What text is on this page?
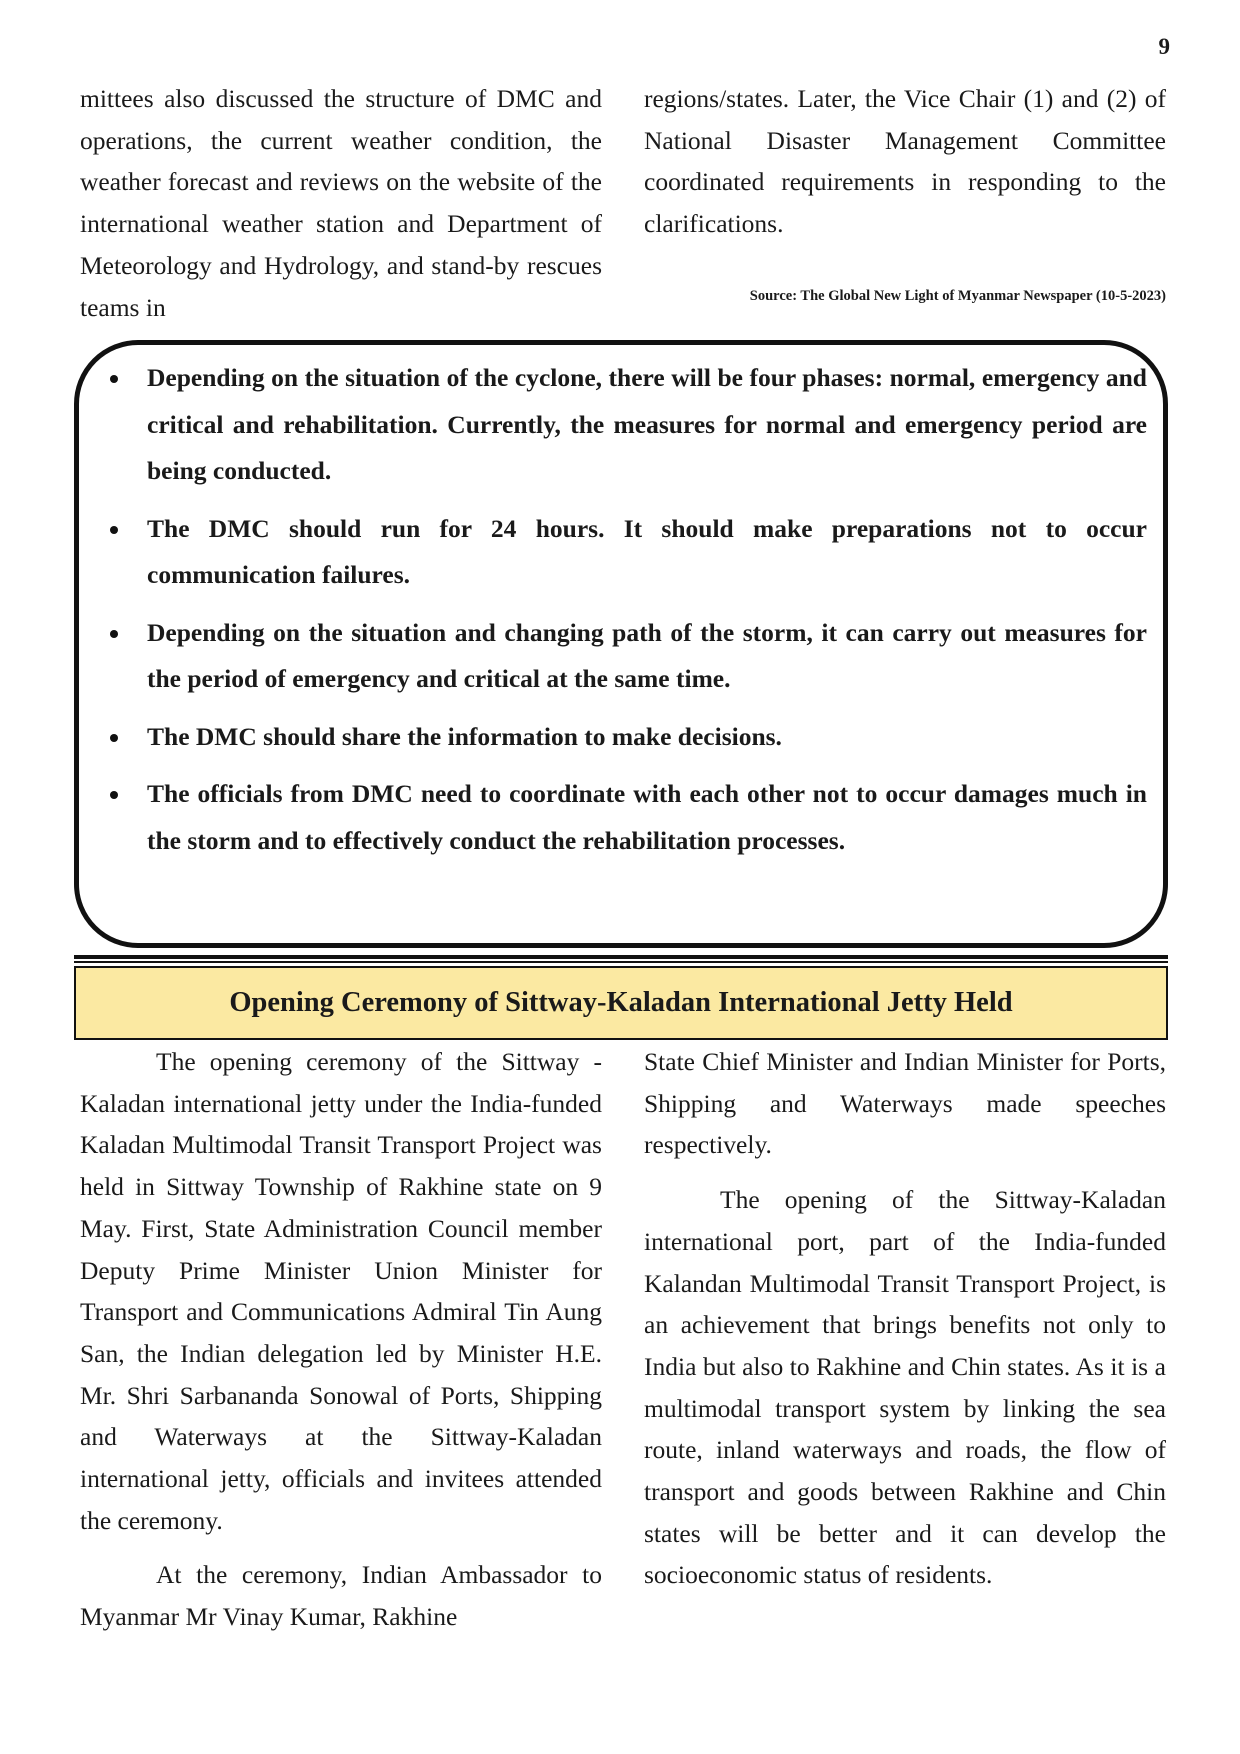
9

mittees also discussed the structure of DMC and operations, the current weather condition, the weather forecast and reviews on the website of the international weather station and Department of Meteorology and Hydrology, and stand-by rescues teams in

regions/states. Later, the Vice Chair (1) and (2) of National Disaster Management Committee coordinated requirements in responding to the clarifications.

Source: The Global New Light of Myanmar Newspaper (10-5-2023)
Depending on the situation of the cyclone, there will be four phases: normal, emergency and critical and rehabilitation. Currently, the measures for normal and emergency period are being conducted.
The DMC should run for 24 hours. It should make preparations not to occur communication failures.
Depending on the situation and changing path of the storm, it can carry out measures for the period of emergency and critical at the same time.
The DMC should share the information to make decisions.
The officials from DMC need to coordinate with each other not to occur damages much in the storm and to effectively conduct the rehabilitation processes.
Opening Ceremony of Sittway-Kaladan International Jetty Held

The opening ceremony of the Sittway -Kaladan international jetty under the India-funded Kaladan Multimodal Transit Transport Project was held in Sittway Township of Rakhine state on 9 May. First, State Administration Council member Deputy Prime Minister Union Minister for Transport and Communications Admiral Tin Aung San, the Indian delegation led by Minister H.E. Mr. Shri Sarbananda Sonowal of Ports, Shipping and Waterways at the Sittway-Kaladan international jetty, officials and invitees attended the ceremony.

At the ceremony, Indian Ambassador to Myanmar Mr Vinay Kumar, Rakhine

State Chief Minister and Indian Minister for Ports, Shipping and Waterways made speeches respectively.

The opening of the Sittway-Kaladan international port, part of the India-funded Kalandan Multimodal Transit Transport Project, is an achievement that brings benefits not only to India but also to Rakhine and Chin states. As it is a multimodal transport system by linking the sea route, inland waterways and roads, the flow of transport and goods between Rakhine and Chin states will be better and it can develop the socioeconomic status of residents.
